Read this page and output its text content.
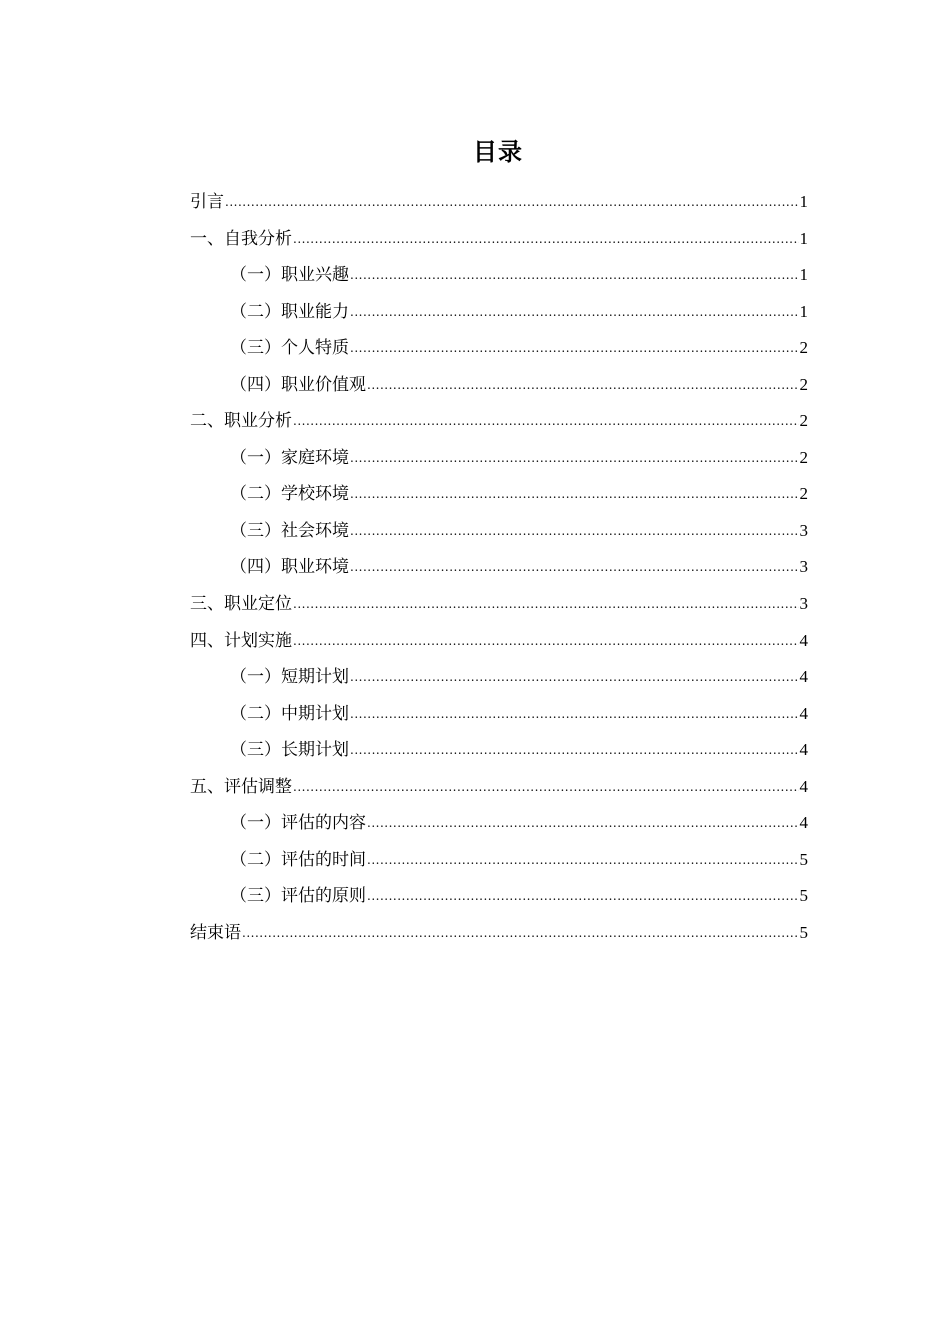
目录
引言 .....	1
一、自我分析 .....	1
（一）职业兴趣 .....	1
（二）职业能力 .....	1
（三）个人特质 .....	2
（四）职业价值观 .....	2
二、职业分析 .....	2
（一）家庭环境 .....	2
（二）学校环境 .....	2
（三）社会环境 .....	3
（四）职业环境 .....	3
三、职业定位 .....	3
四、计划实施 .....	4
（一）短期计划 .....	4
（二）中期计划 .....	4
（三）长期计划 .....	4
五、评估调整 .....	4
（一）评估的内容 .....	4
（二）评估的时间 .....	5
（三）评估的原则 .....	5
结束语 .....	5
